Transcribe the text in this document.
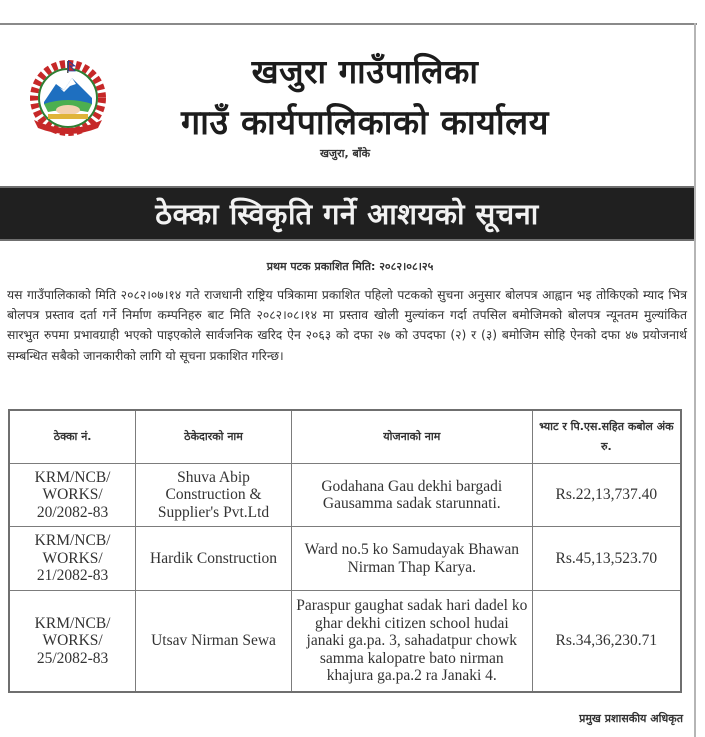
खजुरा गाउँपालिका
गाउँ कार्यपालिकाको कार्यालय
खजुरा, बाँके
ठेक्का स्विकृति गर्ने आशयको सूचना
प्रथम पटक प्रकाशित मिति: २०८२।०८।२५
यस गाउँपालिकाको मिति २०८२।०७।१४ गते राजधानी राष्ट्रिय पत्रिकामा प्रकाशित पहिलो पटकको सुचना अनुसार बोलपत्र आह्वान भइ तोकिएको म्याद भित्र बोलपत्र प्रस्ताव दर्ता गर्ने निर्माण कम्पनिहरु बाट मिति २०८२।०८।१४ मा प्रस्ताव खोली मुल्यांकन गर्दा तपसिल बमोजिमको बोलपत्र न्यूनतम मुल्यांकित सारभुत रुपमा प्रभावग्राही भएको पाइएकोले सार्वजनिक खरिद ऐन २०६३ को दफा २७ को उपदफा (२) र (३) बमोजिम सोहि ऐनको दफा ४७ प्रयोजनार्थ सम्बन्धित सबैको जानकारीको लागि यो सूचना प्रकाशित गरिन्छ।
ठेक्का नं.	ठेकेदारको नाम	योजनाको नाम	भ्याट र पि.एस.सहित कबोल अंक रु.
KRM/NCB/ WORKS/ 20/2082-83	Shuva Abip Construction & Supplier's Pvt.Ltd	Godahana Gau dekhi bargadi Gausamma sadak starunnati.	Rs.22,13,737.40
KRM/NCB/ WORKS/ 21/2082-83	Hardik Construction	Ward no.5 ko Samudayak Bhawan Nirman Thap Karya.	Rs.45,13,523.70
KRM/NCB/ WORKS/ 25/2082-83	Utsav Nirman Sewa	Paraspur gaughat sadak hari dadel ko ghar dekhi citizen school hudai janaki ga.pa. 3, sahadatpur chowk samma kalopatre bato nirman khajura ga.pa.2 ra Janaki 4.	Rs.34,36,230.71
प्रमुख प्रशासकीय अधिकृत
